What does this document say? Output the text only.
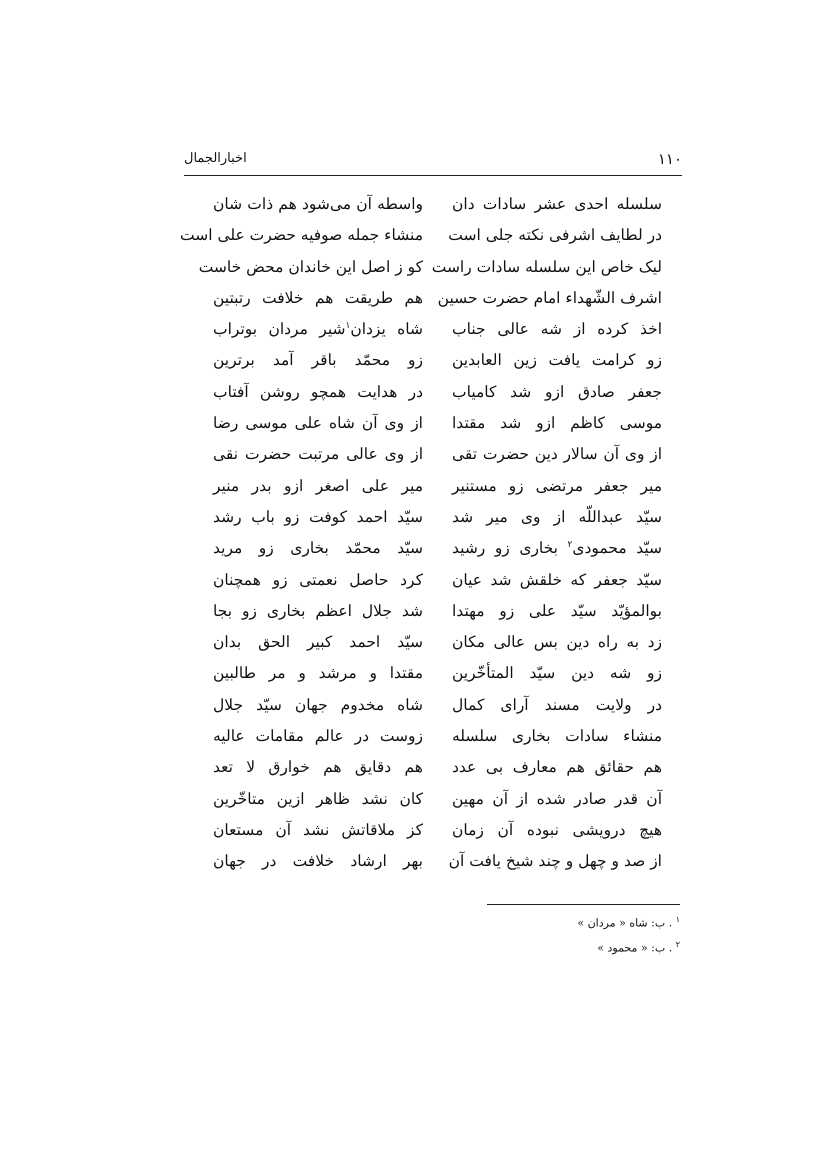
اخبارالجمال	۱۱۰
سلسله احدی عشر سادات دان
در لطایف اشرفی نکته جلی است
لیک خاص این سلسله سادات راست
اشرف الشّهداء امام حضرت حسین
اخذ کرده از شه عالی جناب
زو کرامت یافت زین العابدین
جعفر صادق ازو شد کامیاب
موسی کاظم ازو شد مقتدا
از وی آن سالار دین حضرت تقی
میر جعفر مرتضی زو مستنیر
سیّد عبداللّه از وی میر شد
سیّد محمودی$^۲$ بخاری زو رشید
سیّد جعفر که خلقش شد عیان
بوالمؤیّد سیّد علی زو مهتدا
زد به راه دین بس عالی مکان
زو شه دین سیّد المتأخّرین
در ولایت مسند آرای کمال
منشاء سادات بخاری سلسله
هم حقائق هم معارف بی عدد
آن قدر صادر شده از آن مهین
هیچ درویشی نبوده آن زمان
از صد و چهل و چند شیخ یافت آن
واسطه آن می‌شود هم ذات شان
منشاء جمله صوفیه حضرت علی است
کو ز اصل این خاندان محض خاست
هم طریقت هم خلافت رتبتین
شاه یزدان$^۱$شیر مردان بوتراب
زو محمّد باقر آمد برترین
در هدایت همچو روشن آفتاب
از وی آن شاه علی موسی رضا
از وی عالی مرتبت حضرت نقی
میر علی اصغر ازو بدر منیر
سیّد احمد کوفت زو باب رشد
سیّد محمّد بخاری زو مرید
کرد حاصل نعمتی زو همچنان
شد جلال اعظم بخاری زو بجا
سیّد احمد کبیر الحق بدان
مقتدا و مرشد و مر طالبین
شاه مخدوم جهان سیّد جلال
زوست در عالم مقامات عالیه
هم دقایق هم خوارق لا تعد
کان نشد ظاهر ازین متاخّرین
کز ملاقاتش نشد آن مستعان
بهر ارشاد خلافت در جهان
$^۱$ . ب: شاه « مردان »
$^۲$ . ب: « محمود »
